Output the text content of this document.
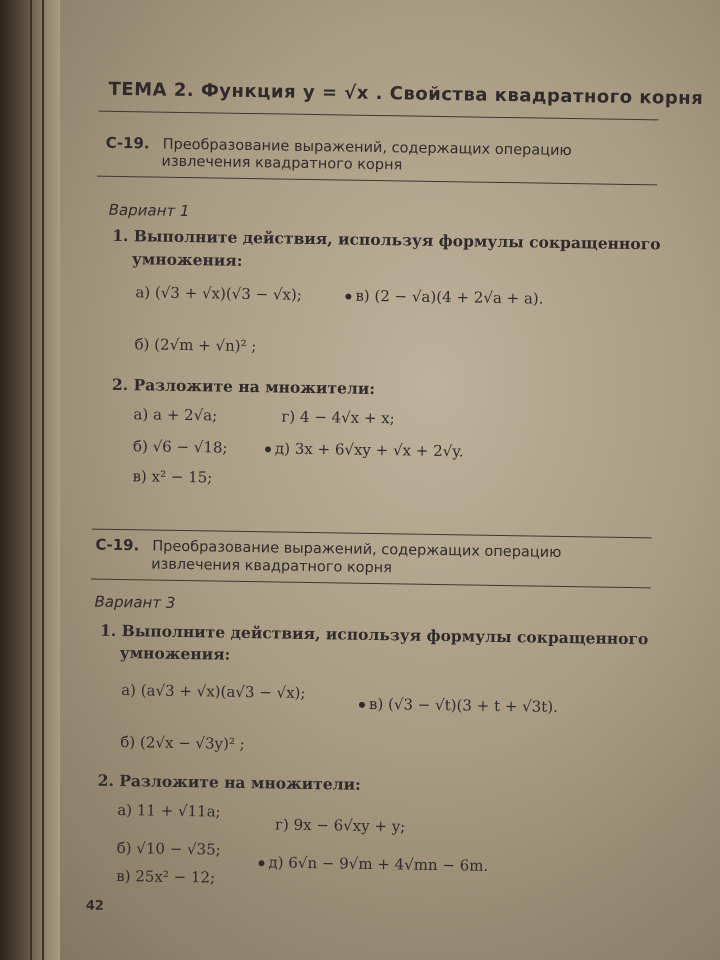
ТЕМА 2. Функция y = √x . Свойства квадратного корня
С-19. Преобразование выражений, содержащих операцию
извлечения квадратного корня
Вариант 1
1. Выполните действия, используя формулы сокращенного
умножения:
а) (√3 + √x)(√3 − √x);	в) (2 − √a)(4 + 2√a + a).
б) (2√m + √n)² ;
2. Разложите на множители:
а) a + 2√a;	г) 4 − 4√x + x;
б) √6 − √18;	д) 3x + 6√xy + √x + 2√y.
в) x² − 15;
С-19. Преобразование выражений, содержащих операцию
извлечения квадратного корня
Вариант 3
1. Выполните действия, используя формулы сокращенного
умножения:
а) (a√3 + √x)(a√3 − √x);
в) (√3 − √t)(3 + t + √3t).
б) (2√x − √3y)² ;
2. Разложите на множители:
а) 11 + √11a;
г) 9x − 6√xy + y;
б) √10 − √35;
д) 6√n − 9√m + 4√mn − 6m.
в) 25x² − 12;
42
